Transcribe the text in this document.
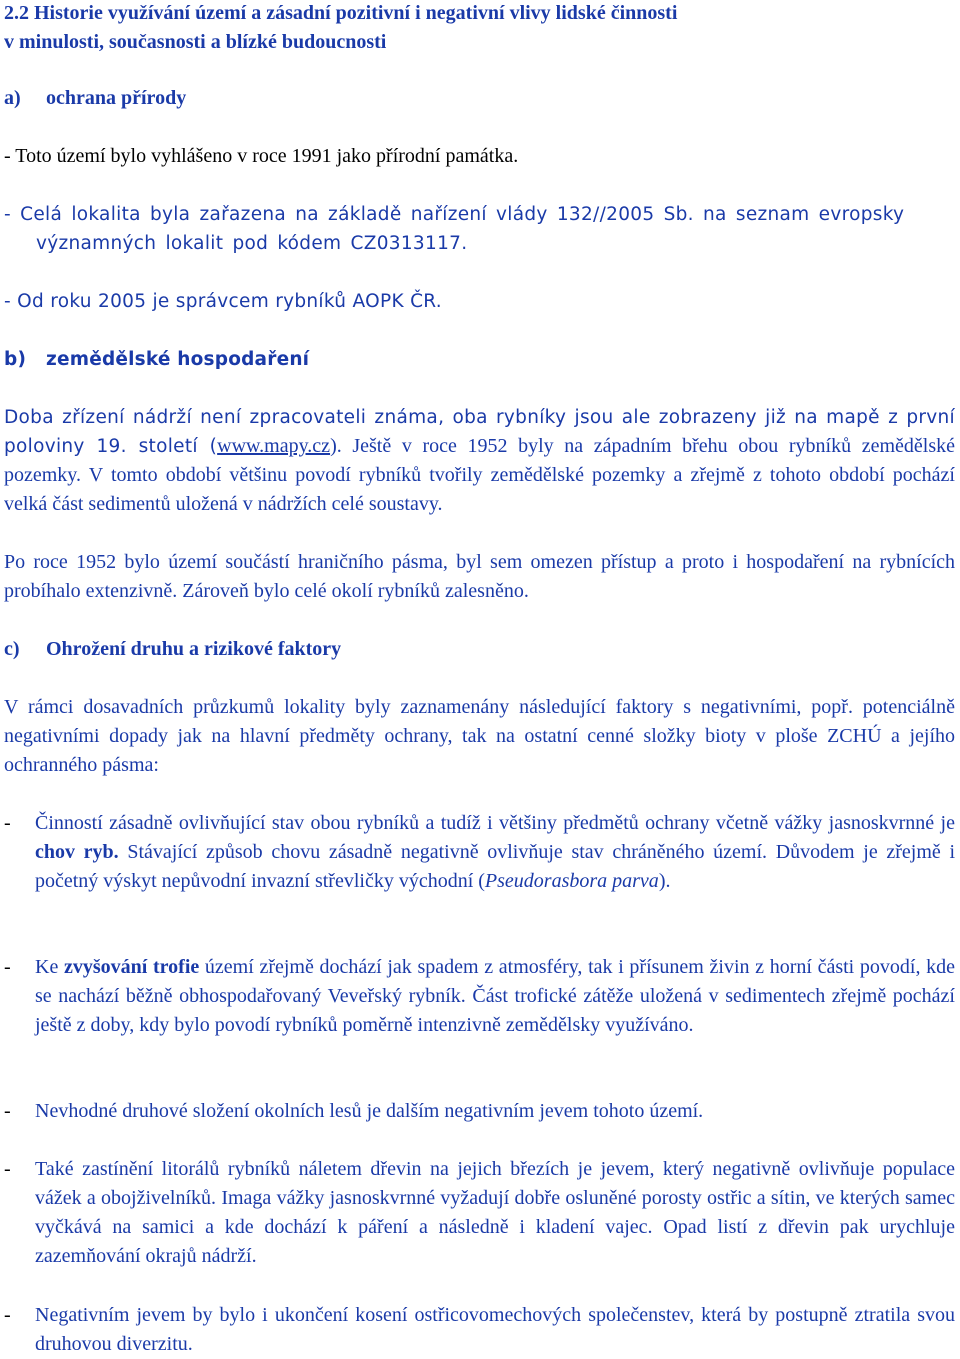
2.2 Historie využívání území a zásadní pozitivní i negativní vlivy lidské činnosti
v minulosti, současnosti a blízké budoucnosti
a) ochrana přírody
- Toto území bylo vyhlášeno v roce 1991 jako přírodní památka.
- Celá lokalita byla zařazena na základě nařízení vlády 132//2005 Sb. na seznam evropsky významných lokalit pod kódem CZ0313117.
- Od roku 2005 je správcem rybníků AOPK ČR.
b) zemědělské hospodaření
Doba zřízení nádrží není zpracovateli známa, oba rybníky jsou ale zobrazeny již na mapě z první poloviny 19. století (www.mapy.cz). Ještě v roce 1952 byly na západním břehu obou rybníků zemědělské pozemky. V tomto období většinu povodí rybníků tvořily zemědělské pozemky a zřejmě z tohoto období pochází velká část sedimentů uložená v nádržích celé soustavy.
Po roce 1952 bylo území součástí hraničního pásma, byl sem omezen přístup a proto i hospodaření na rybnících probíhalo extenzivně. Zároveň bylo celé okolí rybníků zalesněno.
c) Ohrožení druhu a rizikové faktory
V rámci dosavadních průzkumů lokality byly zaznamenány následující faktory s negativními, popř. potenciálně negativními dopady jak na hlavní předměty ochrany, tak na ostatní cenné složky bioty v ploše ZCHÚ a jejího ochranného pásma:
- Činností zásadně ovlivňující stav obou rybníků a tudíž i většiny předmětů ochrany včetně vážky jasnoskvrnné je chov ryb. Stávající způsob chovu zásadně negativně ovlivňuje stav chráněného území. Důvodem je zřejmě i početný výskyt nepůvodní invazní střevličky východní (Pseudorasbora parva).
- Ke zvyšování trofie území zřejmě dochází jak spadem z atmosféry, tak i přísunem živin z horní části povodí, kde se nachází běžně obhospodařovaný Veveřský rybník. Část trofické zátěže uložená v sedimentech zřejmě pochází ještě z doby, kdy bylo povodí rybníků poměrně intenzivně zemědělsky využíváno.
- Nevhodné druhové složení okolních lesů je dalším negativním jevem tohoto území.
- Také zastínění litorálů rybníků náletem dřevin na jejich březích je jevem, který negativně ovlivňuje populace vážek a obojživelníků. Imaga vážky jasnoskvrnné vyžadují dobře osluněné porosty ostřic a sítin, ve kterých samec vyčkává na samici a kde dochází k páření a následně i kladení vajec. Opad listí z dřevin pak urychluje zazemňování okrajů nádrží.
- Negativním jevem by bylo i ukončení kosení ostřicovomechových společenstev, která by postupně ztratila svou druhovou diverzitu.
